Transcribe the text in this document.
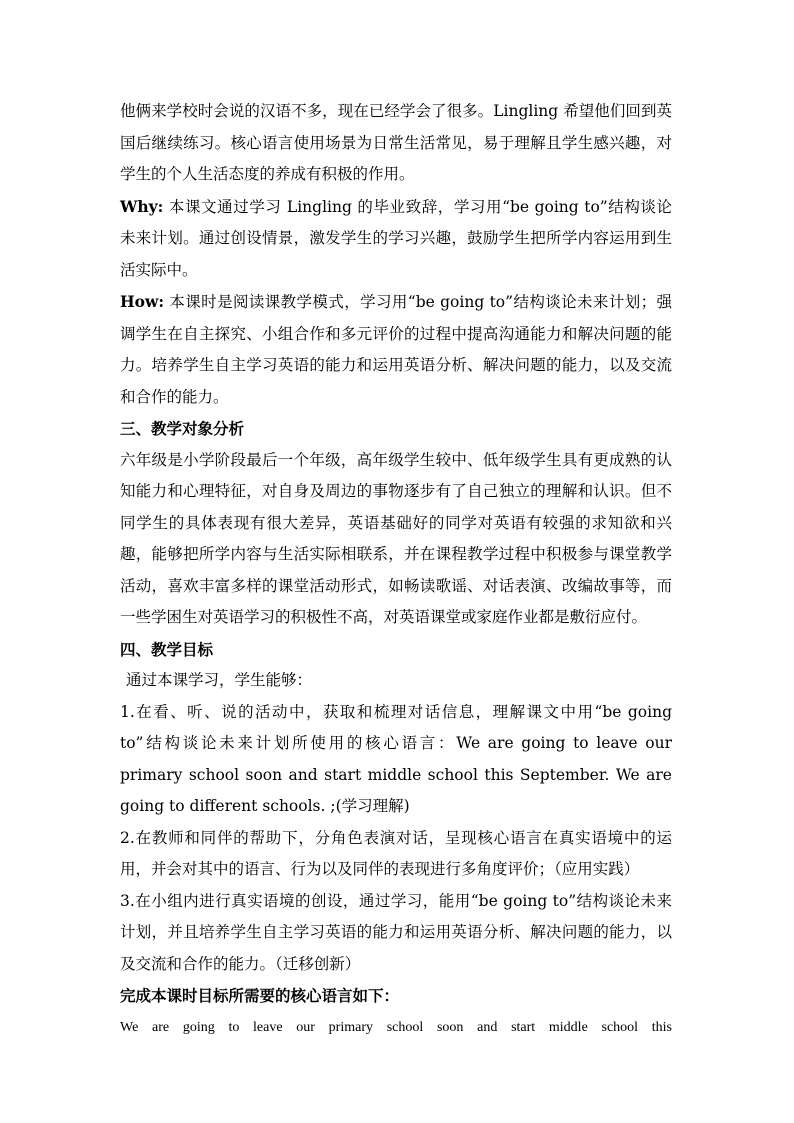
他俩来学校时会说的汉语不多，现在已经学会了很多。Lingling 希望他们回到英国后继续练习。核心语言使用场景为日常生活常见，易于理解且学生感兴趣，对学生的个人生活态度的养成有积极的作用。

Why: 本课文通过学习 Lingling 的毕业致辞，学习用“be going to”结构谈论未来计划。通过创设情景，激发学生的学习兴趣，鼓励学生把所学内容运用到生活实际中。

How: 本课时是阅读课教学模式，学习用“be going to”结构谈论未来计划；强调学生在自主探究、小组合作和多元评价的过程中提高沟通能力和解决问题的能力。培养学生自主学习英语的能力和运用英语分析、解决问题的能力，以及交流和合作的能力。

三、教学对象分析

六年级是小学阶段最后一个年级，高年级学生较中、低年级学生具有更成熟的认知能力和心理特征，对自身及周边的事物逐步有了自己独立的理解和认识。但不同学生的具体表现有很大差异，英语基础好的同学对英语有较强的求知欲和兴趣，能够把所学内容与生活实际相联系，并在课程教学过程中积极参与课堂教学活动，喜欢丰富多样的课堂活动形式，如畅读歌谣、对话表演、改编故事等，而一些学困生对英语学习的积极性不高，对英语课堂或家庭作业都是敷衍应付。

四、教学目标

通过本课学习，学生能够：

1.在看、听、说的活动中，获取和梳理对话信息，理解课文中用“be going to”结构谈论未来计划所使用的核心语言：We are going to leave our primary school soon and start middle school this September. We are going to different schools. ;(学习理解)

2.在教师和同伴的帮助下，分角色表演对话，呈现核心语言在真实语境中的运用，并会对其中的语言、行为以及同伴的表现进行多角度评价；（应用实践）

3.在小组内进行真实语境的创设，通过学习，能用“be going to”结构谈论未来计划，并且培养学生自主学习英语的能力和运用英语分析、解决问题的能力，以及交流和合作的能力。（迁移创新）

完成本课时目标所需要的核心语言如下：

We are going to leave our primary school soon and start middle school this
